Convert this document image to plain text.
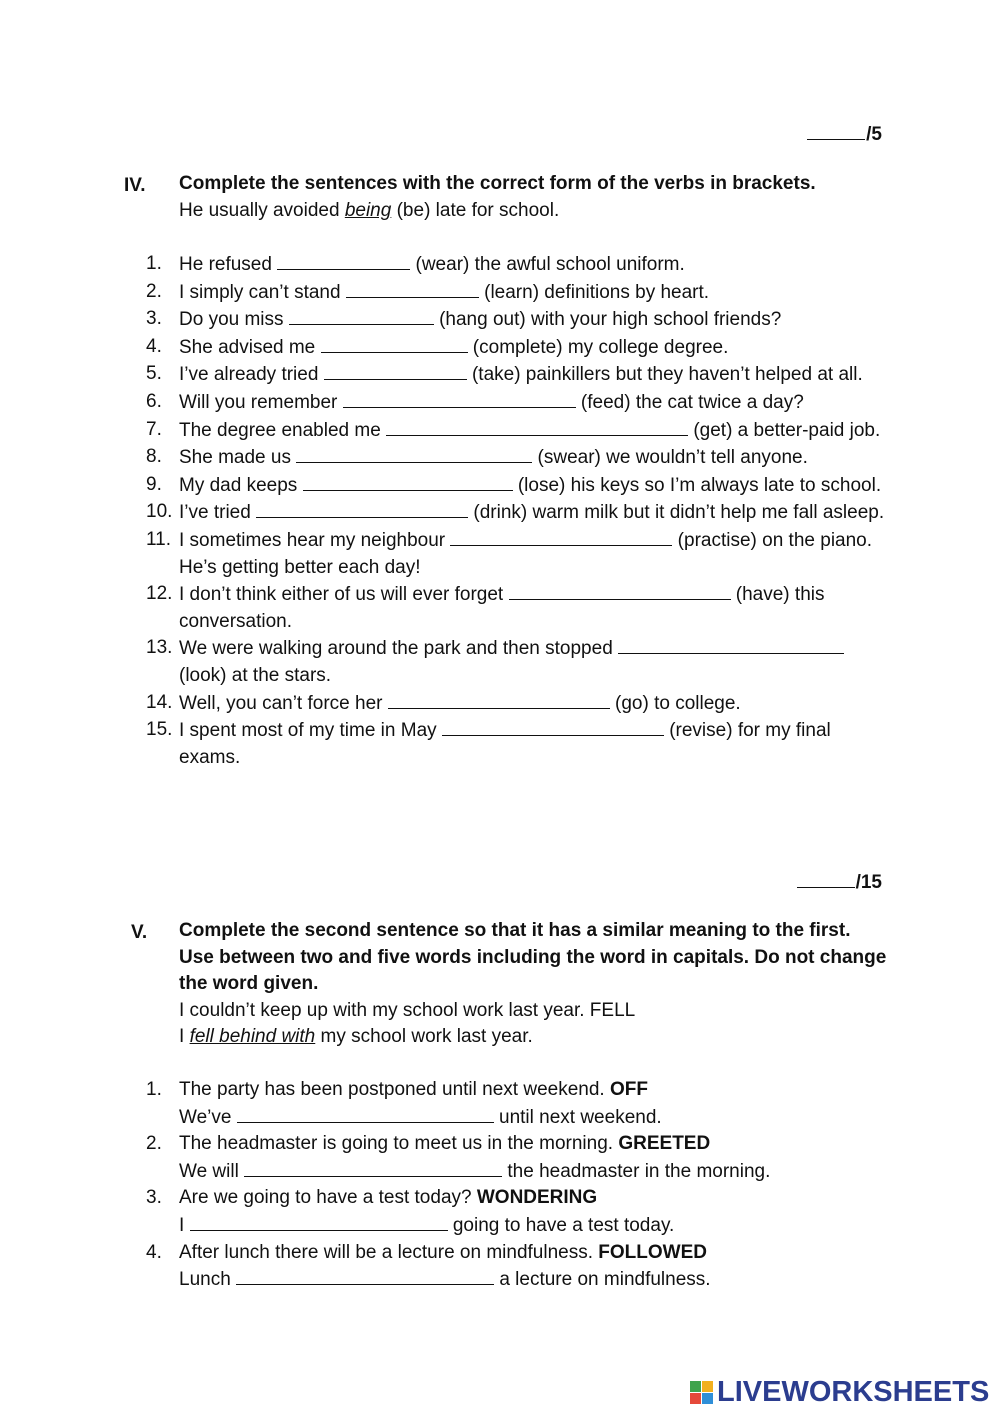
/5
IV. Complete the sentences with the correct form of the verbs in brackets.
He usually avoided being (be) late for school.
1. He refused	(wear) the awful school uniform.
2. I simply can’t stand	(learn) definitions by heart.
3. Do you miss	(hang out) with your high school friends?
4. She advised me	(complete) my college degree.
5. I’ve already tried	(take) painkillers but they haven’t helped at all.
6. Will you remember	(feed) the cat twice a day?
7. The degree enabled me	(get) a better-paid job.
8. She made us	(swear) we wouldn’t tell anyone.
9. My dad keeps	(lose) his keys so I’m always late to school.
10. I’ve tried	(drink) warm milk but it didn’t help me fall asleep.
11. I sometimes hear my neighbour	(practise) on the piano. He’s getting better each day!
12. I don’t think either of us will ever forget	(have) this conversation.
13. We were walking around the park and then stopped  (look) at the stars.
14. Well, you can’t force her	(go) to college.
15. I spent most of my time in May	(revise) for my final exams.
/15
V. Complete the second sentence so that it has a similar meaning to the first. Use between two and five words including the word in capitals. Do not change the word given.
I couldn’t keep up with my school work last year. FELL
I fell behind with my school work last year.
1. The party has been postponed until next weekend. OFF
We’ve	until next weekend.
2. The headmaster is going to meet us in the morning. GREETED
We will	the headmaster in the morning.
3. Are we going to have a test today? WONDERING
I	going to have a test today.
4. After lunch there will be a lecture on mindfulness. FOLLOWED
Lunch	a lecture on mindfulness.
LIVEWORKSHEETS
